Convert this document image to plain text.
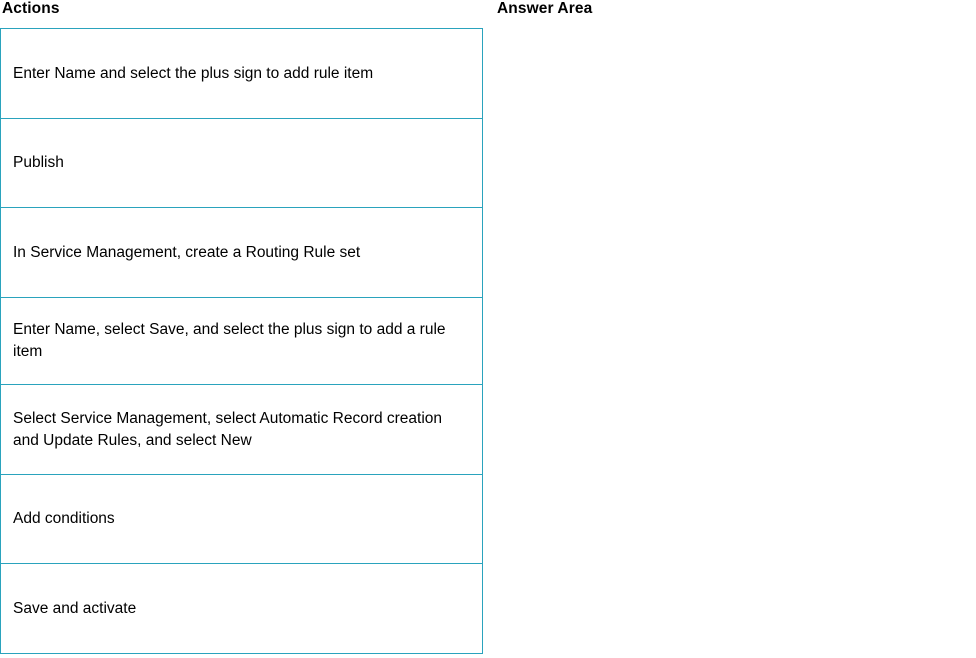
Actions	Answer Area
Enter Name and select the plus sign to add rule item
Publish
In Service Management, create a Routing Rule set
Enter Name, select Save, and select the plus sign to add a rule item
Select Service Management, select Automatic Record creation and Update Rules, and select New
Add conditions
Save and activate
